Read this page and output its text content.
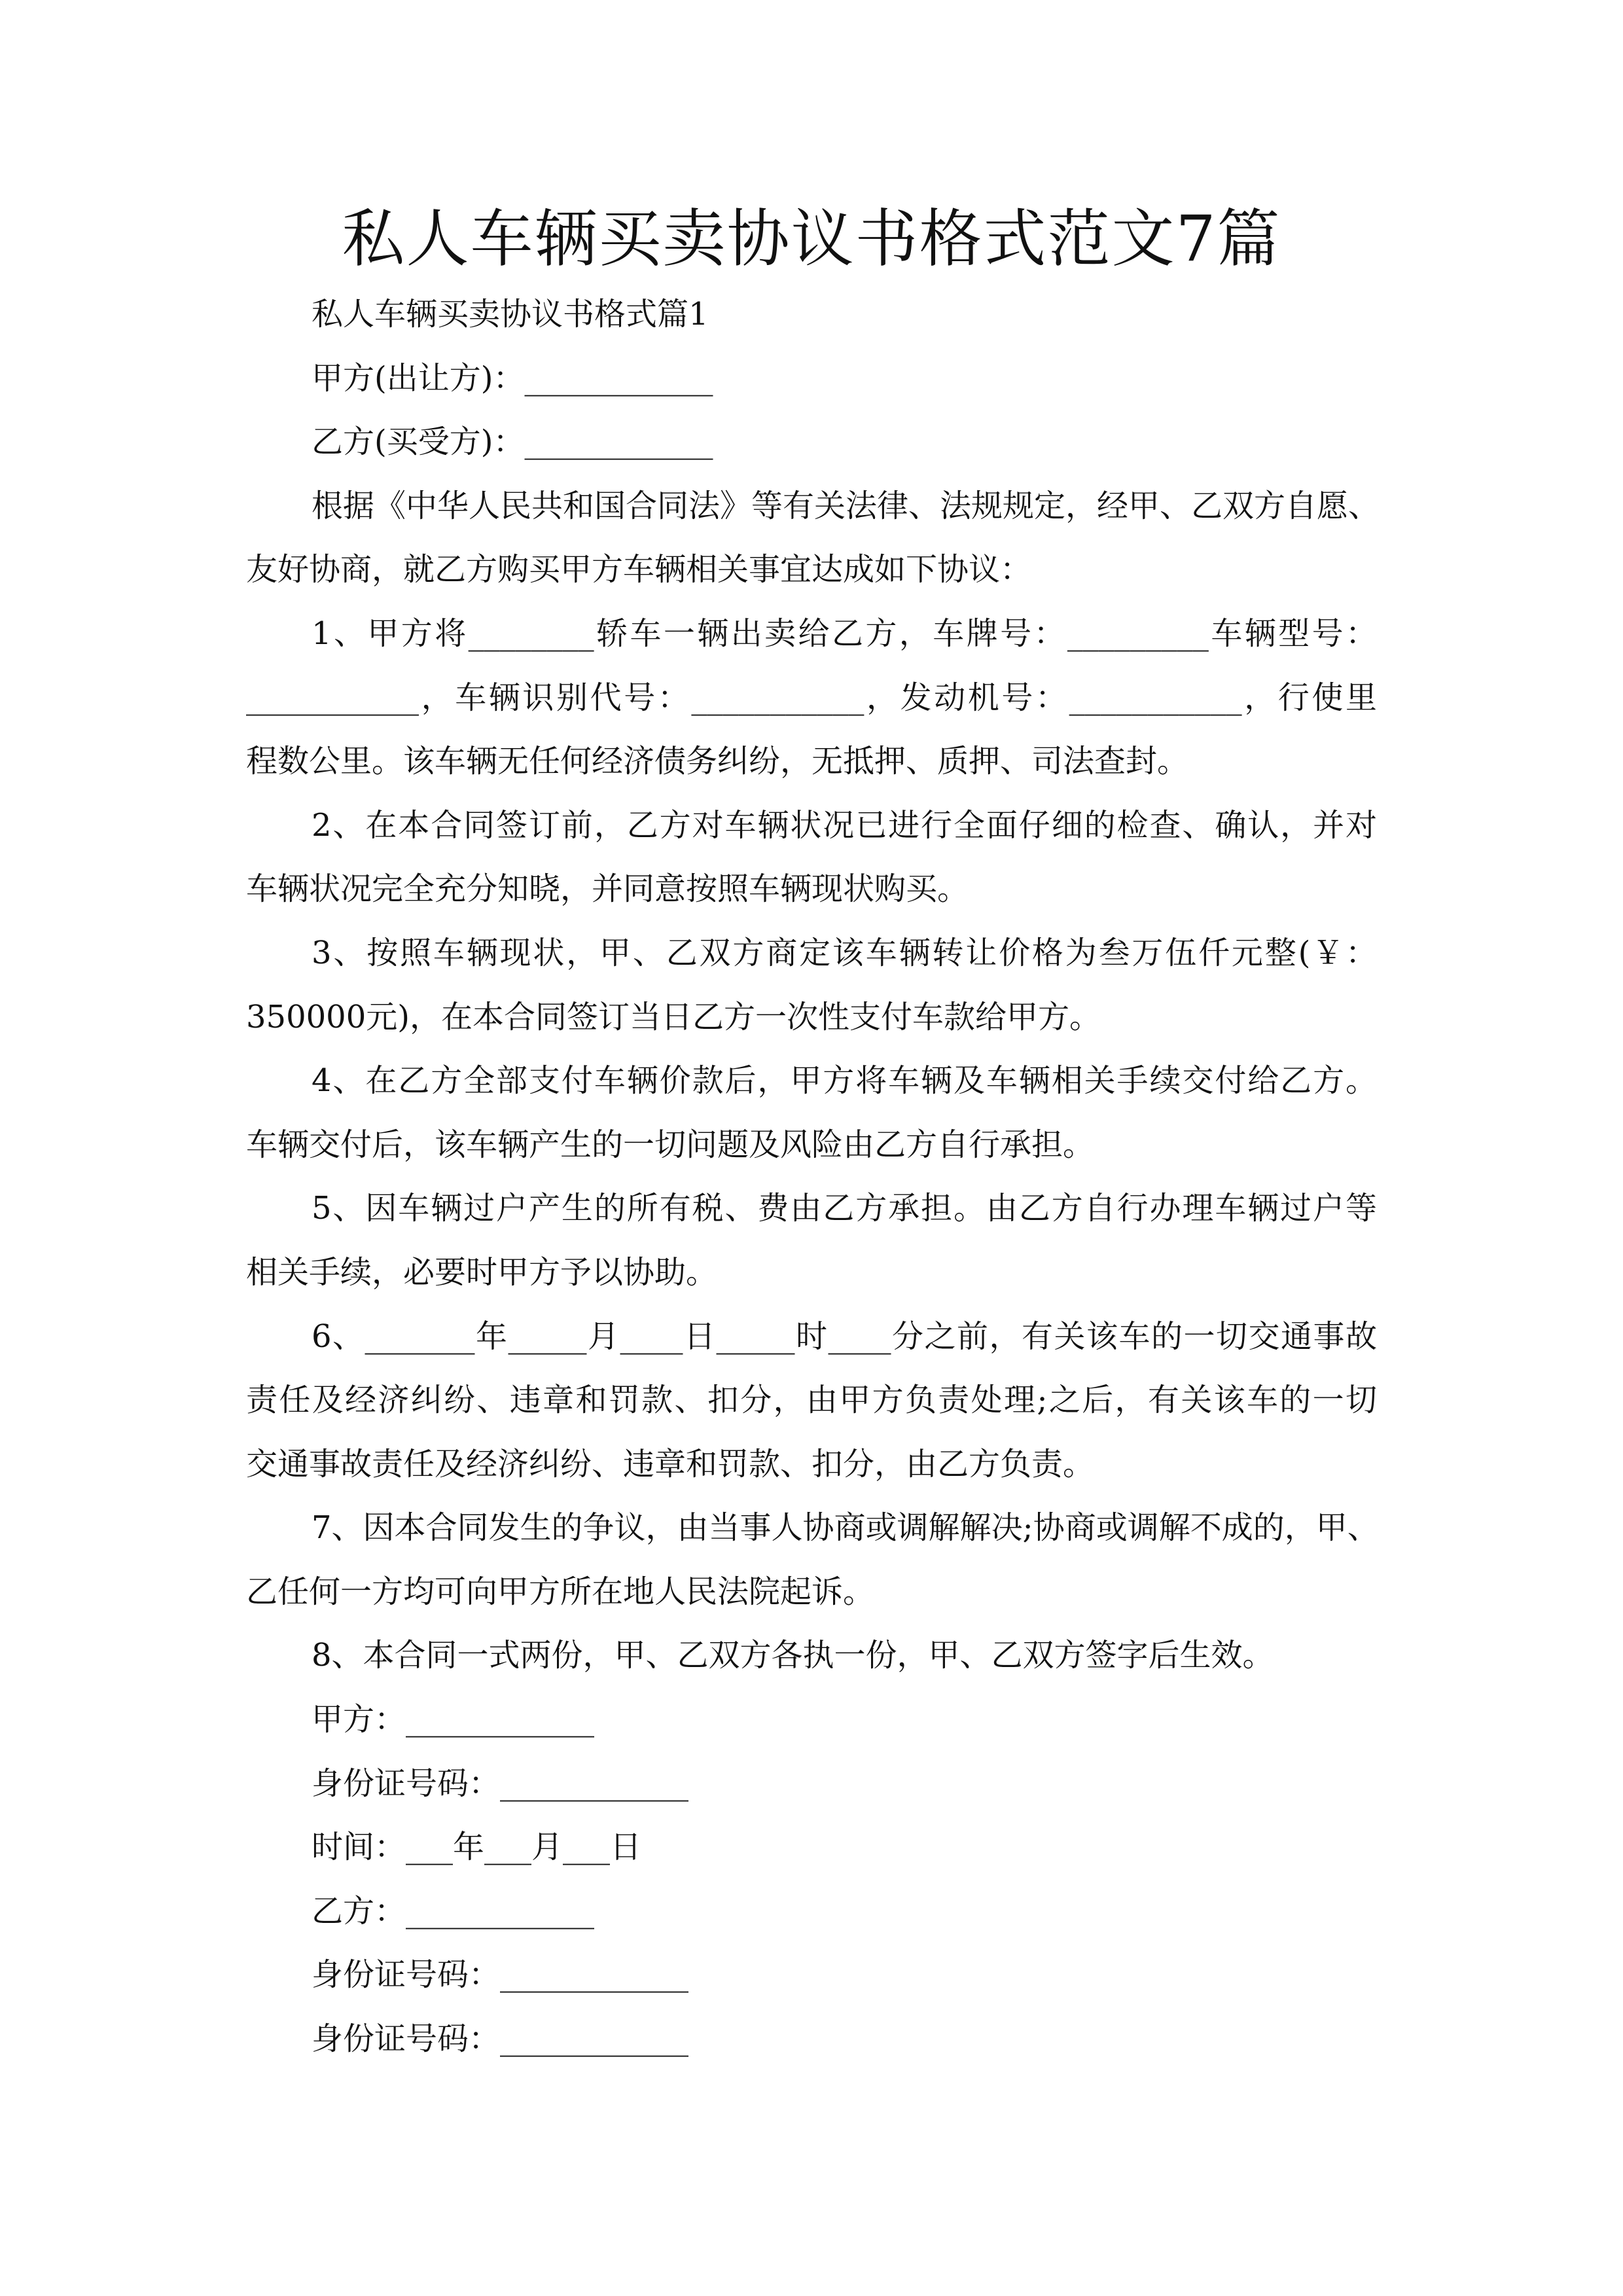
私人车辆买卖协议书格式范文7篇
私人车辆买卖协议书格式篇1
甲方(出让方)：____________
乙方(买受方)：____________
根据《中华人民共和国合同法》等有关法律、法规规定，经甲、乙双方自愿、
友好协商，就乙方购买甲方车辆相关事宜达成如下协议：
1、甲方将________轿车一辆出卖给乙方，车牌号：_________车辆型号：
___________，车辆识别代号：___________，发动机号：___________，行使里
程数公里。该车辆无任何经济债务纠纷，无抵押、质押、司法查封。
2、在本合同签订前，乙方对车辆状况已进行全面仔细的检查、确认，并对
车辆状况完全充分知晓，并同意按照车辆现状购买。
3、按照车辆现状，甲、乙双方商定该车辆转让价格为叁万伍仟元整(￥：
350000元)，在本合同签订当日乙方一次性支付车款给甲方。
4、在乙方全部支付车辆价款后，甲方将车辆及车辆相关手续交付给乙方。
车辆交付后，该车辆产生的一切问题及风险由乙方自行承担。
5、因车辆过户产生的所有税、费由乙方承担。由乙方自行办理车辆过户等
相关手续，必要时甲方予以协助。
6、_______年_____月____日_____时____分之前，有关该车的一切交通事故
责任及经济纠纷、违章和罚款、扣分，由甲方负责处理;之后，有关该车的一切
交通事故责任及经济纠纷、违章和罚款、扣分，由乙方负责。
7、因本合同发生的争议，由当事人协商或调解解决;协商或调解不成的，甲、
乙任何一方均可向甲方所在地人民法院起诉。
8、本合同一式两份，甲、乙双方各执一份，甲、乙双方签字后生效。
甲方：____________
身份证号码：____________
时间：___年___月___日
乙方：____________
身份证号码：____________
身份证号码：____________
